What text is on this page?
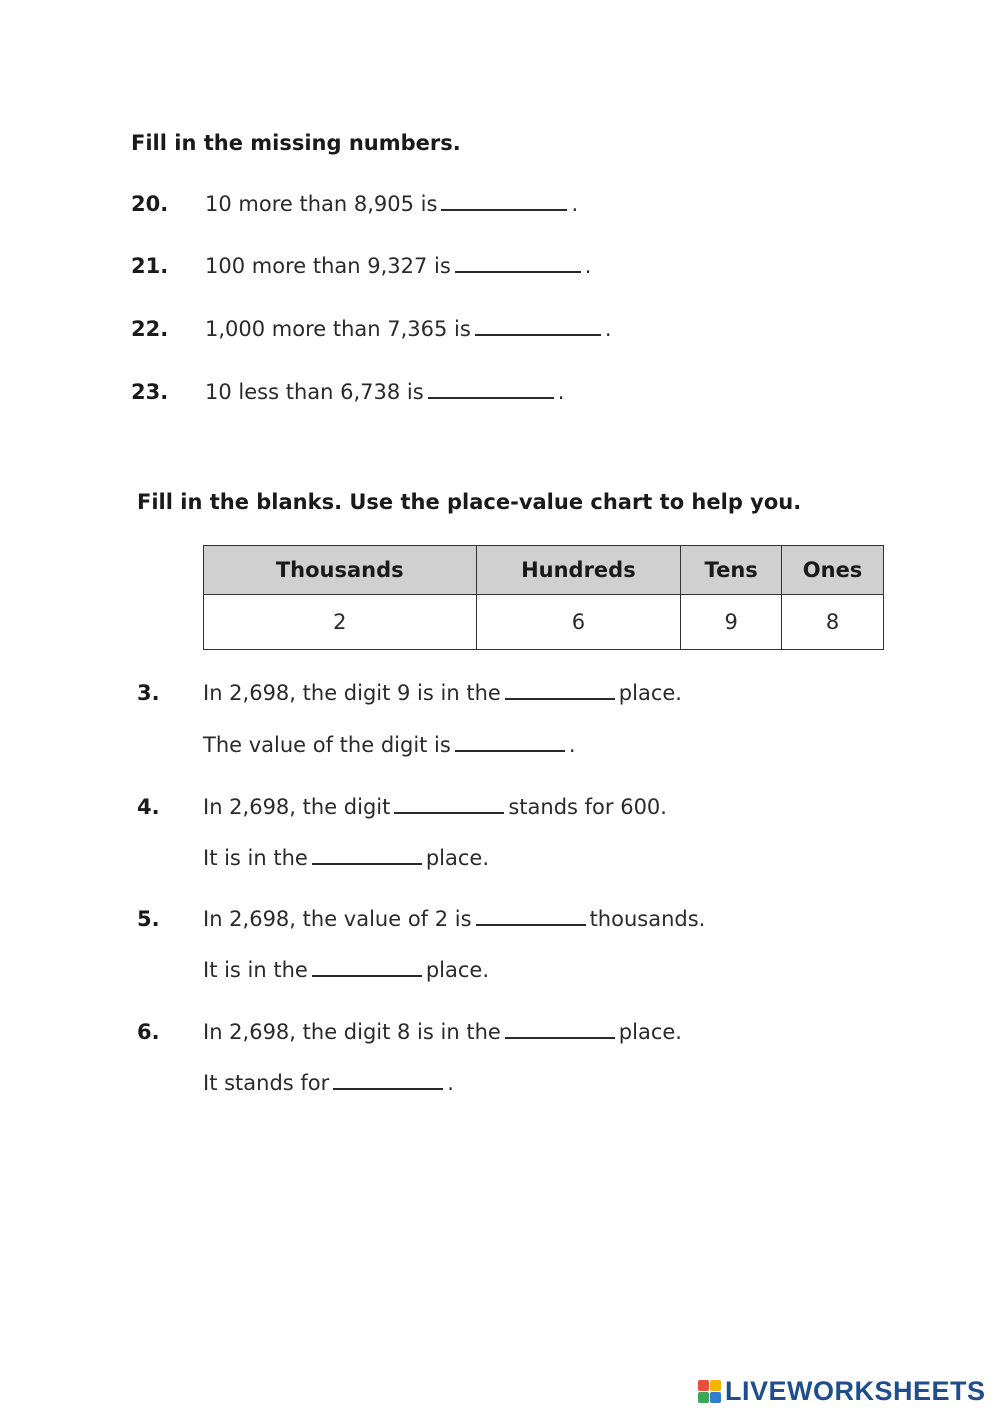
Fill in the missing numbers.
20. 10 more than 8,905 is	.
21. 100 more than 9,327 is	.
22. 1,000 more than 7,365 is	.
23. 10 less than 6,738 is	.
Fill in the blanks. Use the place-value chart to help you.
Thousands	Hundreds	Tens	Ones
2	6	9	8
3. In 2,698, the digit 9 is in the	place.
The value of the digit is	.
4. In 2,698, the digit	stands for 600.
It is in the	place.
5. In 2,698, the value of 2 is	thousands.
It is in the	place.
6. In 2,698, the digit 8 is in the	place.
It stands for	.
LIVEWORKSHEETS
